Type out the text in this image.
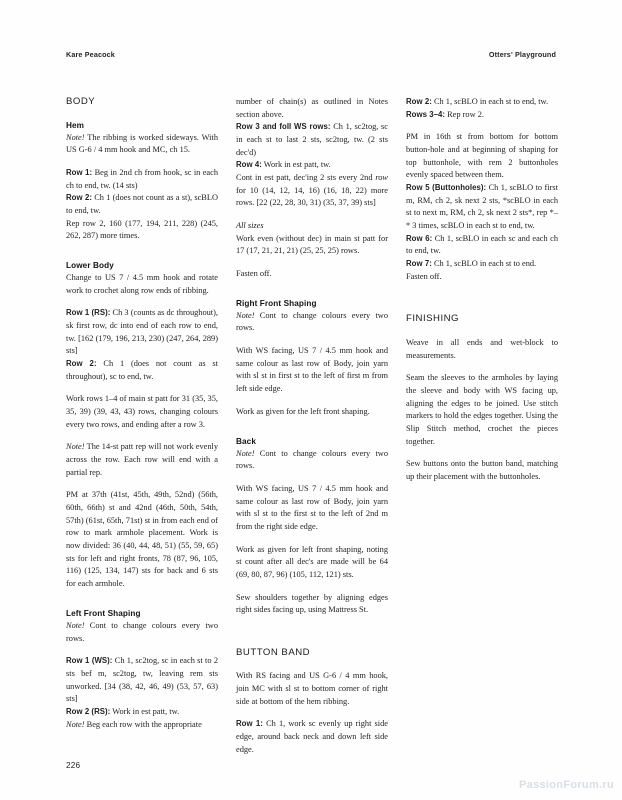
Kare Peacock	Otters' Playground
BODY
Hem

Note! The ribbing is worked sideways. With US G-6 / 4 mm hook and MC, ch 15.

Row 1: Beg in 2nd ch from hook, sc in each ch to end, tw. (14 sts)

Row 2: Ch 1 (does not count as a st), scBLO to end, tw.

Rep row 2, 160 (177, 194, 211, 228) (245, 262, 287) more times.

Lower Body

Change to US 7 / 4.5 mm hook and rotate work to crochet along row ends of ribbing.

Row 1 (RS): Ch 3 (counts as dc throughout), sk first row, dc into end of each row to end, tw. [162 (179, 196, 213, 230) (247, 264, 289) sts]

Row 2: Ch 1 (does not count as st throughout), sc to end, tw.

Work rows 1–4 of main st patt for 31 (35, 35, 35, 39) (39, 43, 43) rows, changing colours every two rows, and ending after a row 3.

Note! The 14-st patt rep will not work evenly across the row. Each row will end with a partial rep.

PM at 37th (41st, 45th, 49th, 52nd) (56th, 60th, 66th) st and 42nd (46th, 50th, 54th, 57th) (61st, 65th, 71st) st in from each end of row to mark armhole placement. Work is now divided: 36 (40, 44, 48, 51) (55, 59, 65) sts for left and right fronts, 78 (87, 96, 105, 116) (125, 134, 147) sts for back and 6 sts for each armhole.

Left Front Shaping

Note! Cont to change colours every two rows.

Row 1 (WS): Ch 1, sc2tog, sc in each st to 2 sts bef m, sc2tog, tw, leaving rem sts unworked. [34 (38, 42, 46, 49) (53, 57, 63) sts]

Row 2 (RS): Work in est patt, tw.

Note! Beg each row with the appropriate

number of chain(s) as outlined in Notes section above.

Row 3 and foll WS rows: Ch 1, sc2tog, sc in each st to last 2 sts, sc2tog, tw. (2 sts dec'd)

Row 4: Work in est patt, tw.

Cont in est patt, dec'ing 2 sts every 2nd row for 10 (14, 12, 14, 16) (16, 18, 22) more rows. [22 (22, 28, 30, 31) (35, 37, 39) sts]

All sizes

Work even (without dec) in main st patt for 17 (17, 21, 21, 21) (25, 25, 25) rows.

Fasten off.

Right Front Shaping

Note! Cont to change colours every two rows.

With WS facing, US 7 / 4.5 mm hook and same colour as last row of Body, join yarn with sl st in first st to the left of first m from left side edge.

Work as given for the left front shaping.

Back

Note! Cont to change colours every two rows.

With WS facing, US 7 / 4.5 mm hook and same colour as last row of Body, join yarn with sl st to the first st to the left of 2nd m from the right side edge.

Work as given for left front shaping, noting st count after all dec's are made will be 64 (69, 80, 87, 96) (105, 112, 121) sts.

Sew shoulders together by aligning edges right sides facing up, using Mattress St.

BUTTON BAND

With RS facing and US G-6 / 4 mm hook, join MC with sl st to bottom corner of right side at bottom of the hem ribbing.

Row 1: Ch 1, work sc evenly up right side edge, around back neck and down left side edge.

Row 2: Ch 1, scBLO in each st to end, tw.

Rows 3–4: Rep row 2.

PM in 16th st from bottom for bottom button-hole and at beginning of shaping for top buttonhole, with rem 2 buttonholes evenly spaced between them.

Row 5 (Buttonholes): Ch 1, scBLO to first m, RM, ch 2, sk next 2 sts, *scBLO in each st to next m, RM, ch 2, sk next 2 sts*, rep *–* 3 times, scBLO in each st to end, tw.

Row 6: Ch 1, scBLO in each sc and each ch to end, tw.

Row 7: Ch 1, scBLO in each st to end.

Fasten off.

FINISHING

Weave in all ends and wet-block to measurements.

Seam the sleeves to the armholes by laying the sleeve and body with WS facing up, aligning the edges to be joined. Use stitch markers to hold the edges together. Using the Slip Stitch method, crochet the pieces together.

Sew buttons onto the button band, matching up their placement with the buttonholes.

226
PassionForum.ru
